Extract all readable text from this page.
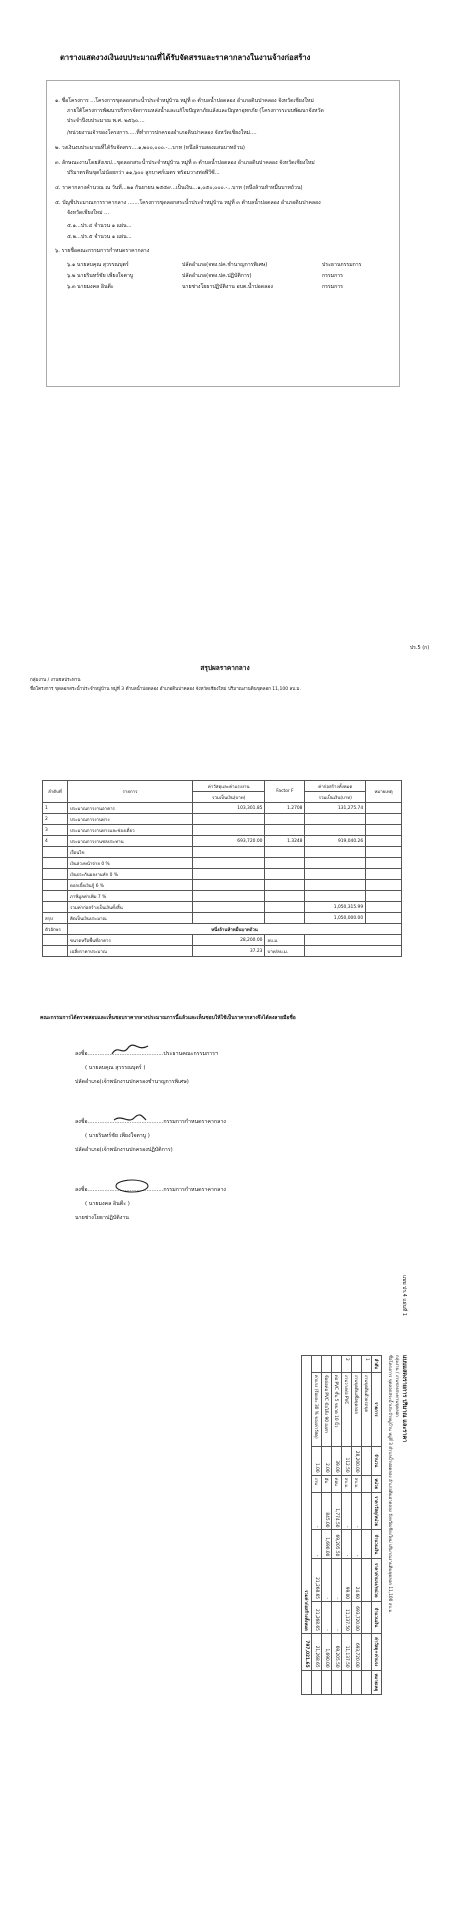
ตารางแสดงวงเงินงบประมาณที่ได้รับจัดสรรและราคากลางในงานจ้างก่อสร้าง
๑. ชื่อโครงการ ...โครงการขุดลอกสระน้ำประจำหมู่บ้าน หมู่ที่ ๓ ตำบลน้ำปอดลอง อำเภอดินปาคลอง จังหวัดเชียงใหม่
ภายใต้โครงการพัฒนาบริหารจัดการแหล่งน้ำและแก้ไขปัญหาภัยแล้งและปัญหาอุทกภัย (โครงการระบบพัฒนาจังหวัด
ประจำปีงบประมาณ พ.ศ. ๒๕๖๐....
/หน่วยงานเจ้าของโครงการ.....ที่ทำการปกครองอำเภอดินปาคลอง จังหวัดเชียงใหม่....
๒. วงเงินงบประมาณที่ได้รับจัดสรร....๑,๒๐๐,๐๐๐.-...บาท (หนึ่งล้านสองแสนบาทถ้วน)
๓. ลักษณะงานโดยสังเขป...ขุดลอกสระน้ำประจำหมู่บ้าน หมู่ที่ ๓ ตำบลน้ำปอดลอง อำเภอดินปาคลอง จังหวัดเชียงใหม่
ปริมาตรดินขุดไม่น้อยกว่า ๑๑,๖๐๐ ลูกบาศก์เมตร พร้อมวางท่อพีวีซี...
๔. ราคากลางคำนวณ ณ วันที่...๒๑ กันยายน ๒๕๕๙...เป็นเงิน...๑,๐๕๐,๐๐๐.-...บาท (หนึ่งล้านห้าหมื่นบาทถ้วน)
๕. บัญชีประมาณการราคากลาง .......โครงการขุดลอกสระน้ำประจำหมู่บ้าน หมู่ที่ ๓ ตำบลน้ำปอดลอง อำเภอดินปาคลอง
จังหวัดเชียงใหม่ ...
๕.๑...ปร.๔ จำนวน ๑ แผ่น...
๕.๒...ปร.๕ จำนวน ๑ แผ่น...
๖. รายชื่อคณะกรรมการกำหนดราคากลาง
๖.๑ นายลบคุณ สุวรรณบุตร์	ปลัดอำเภอ(จพง.ปค.ชำนาญการพิเศษ)	ประธานกรรมการ
๖.๒ นายรินทร์ชัย เพียงใจตาบู	ปลัดอำเภอ(จพง.ปค.ปฏิบัติการ)	กรรมการ
๖.๓ นายมงคล อินตีะ	นายช่างโยธาปฏิบัติงาน อบต.น้ำปอดลอง	กรรมการ
ปร.5 (ก)
สรุปผลราคากลาง
กลุ่มงาน / งานชลประทาน
ชื่อโครงการ ขุดลอกสระน้ำประจำหมู่บ้าน หมู่ที่ 3 ตำบลน้ำปอดลอง อำเภอดินปาคลอง จังหวัดเชียงใหม่ ปริมาณงานดินขุดลอก 11,100 ลบ.ม.
ลำดับที่	รายการ	ค่าวัสดุและค่าแรงงาน	Factor F	ค่าก่อสร้างทั้งหมด	หมายเหตุ
		รวมเป็นเงิน(บาท)		รวมเป็นเงิน(บาท)	
1	ประมาณการงานอาคาร	103,301.85	1.2708	131,275.74	
2	ประมาณการงานทาง				
3	ประมาณการงานทางและช่องเดี่ยว				
4	ประมาณการงานชลประทาน	693,720.00	1.3248	919,040.26	
	เงื่อนไข				
	เงินล่วงหน้าจ่าย 0 %				
	เงินประกันผลงานหัก 0 %				
	ดอกเบี้ยเงินกู้ 6 %				
	ภาษีมูลค่าเพิ่ม 7 %				
	รวมค่าก่อสร้างเป็นเงินทั้งสิ้น			1,050,315.99	
สรุป	คิดเป็นเงินประมาณ			1,050,000.00	
ตัวอักษร	หนึ่งล้านห้าหมื่นบาทถ้วน				
	ขนาดหรือพื้นที่อาคาร	28,200.00	ลบ.ม.		
	เฉลี่ยราคาประมาณ	37.23	บาท/ลบ.ม.		
คณะกรรมการได้ตรวจสอบและเห็นชอบราคากลางประมาณการนี้แล้วและเห็นชอบให้ใช้เป็นราคากลางจึงได้ลงลายมือชื่อ
ลงชื่อ.............................................ประธานคณะกรรมการฯ
( นายลบคุณ สุวรรณบุตร์ )
ปลัดอำเภอ(เจ้าพนักงานปกครองชำนาญการพิเศษ)
ลงชื่อ.............................................กรรมการกำหนดราคากลาง
( นายรินทร์ชัย เพียงใจตาบู )
ปลัดอำเภอ(เจ้าพนักงานปกครองปฏิบัติการ)
ลงชื่อ.............................................กรรมการกำหนดราคากลาง
( นายมงคล อินตีะ )
นายช่างโยธาปฏิบัติงาน
แบบ ปร.4 แผ่นที่ 1
แบบแสดงรายการ ปริมาณ และราคา
กลุ่มงาน / งานชลประทานขุดลอก
ชื่อโครงการ ขุดลอกสระน้ำประจำหมู่บ้าน หมู่ที่ 3 ตำบลน้ำปอดลอง อำเภอดินปาคลอง จังหวัดเชียงใหม่ ปริมาณงานดินขุดลอก 11,100 ลบ.ม.
ลำดับ	รายการ	จำนวน	หน่วย	ราคาวัสดุ/หน่วย	จำนวนเงิน	ราคาค่าแรง/หน่วย	จำนวนเงิน	ค่าวัสดุ+ค่าแรง	หมายเหตุ
1	งานขุดดินด้วยรถขุด								
	งานขุดดินเพื่อขุดลอก	28,200.00	ลบ.ม.	-	-	24.60	693,720.00	693,720.00	
2	งานวางท่อ PVC	112.50	ลบ.ม.	-	-	99.00	11,137.50	11,137.50	
	ท่อ PVC ชั้น 5 ขนาด 10 นิ้ว	39.00	ท่อน	1,774.50	69,205.50	-	-	69,205.50	
	ข้อต่อท่อ PVC ข้อโค้ง 90 องศา	2.00	อัน	845.00	1,690.00	-	-	1,690.00	
	ค่าแรง (ร้อยละ 30 % ของค่าวัสดุ)	1.00	งาน	-	-	21,268.65	21,268.65	21,268.65	
รวมค่าก่อสร้างทั้งหมด								797,021.65	
